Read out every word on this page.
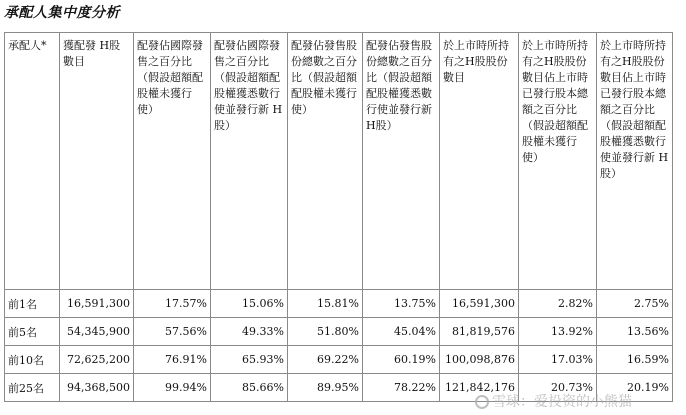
承配人集中度分析
承配人*	獲配發 H股數目	配發佔國際發售之百分比（假設超額配股權未獲行使）	配發佔國際發售之百分比（假設超額配股權獲悉數行使並發行新 H股）	配發佔發售股份總數之百分比（假設超額配股權未獲行使）	配發佔發售股份總數之百分比（假設超額配股權獲悉數行使並發行新 H股）	於上市時所持有之H股股份數目	於上市時所持有之H股股份數目佔上市時已發行股本總額之百分比（假設超額配股權未獲行使）	於上市時所持有之H股股份數目佔上市時已發行股本總額之百分比（假設超額配股權獲悉數行使並發行新 H股）
前1名	16,591,300	17.57%	15.06%	15.81%	13.75%	16,591,300	2.82%	2.75%
前5名	54,345,900	57.56%	49.33%	51.80%	45.04%	81,819,576	13.92%	13.56%
前10名	72,625,200	76.91%	65.93%	69.22%	60.19%	100,098,876	17.03%	16.59%
前25名	94,368,500	99.94%	85.66%	89.95%	78.22%	121,842,176	20.73%	20.19%
雪球：爱投资的小熊猫
